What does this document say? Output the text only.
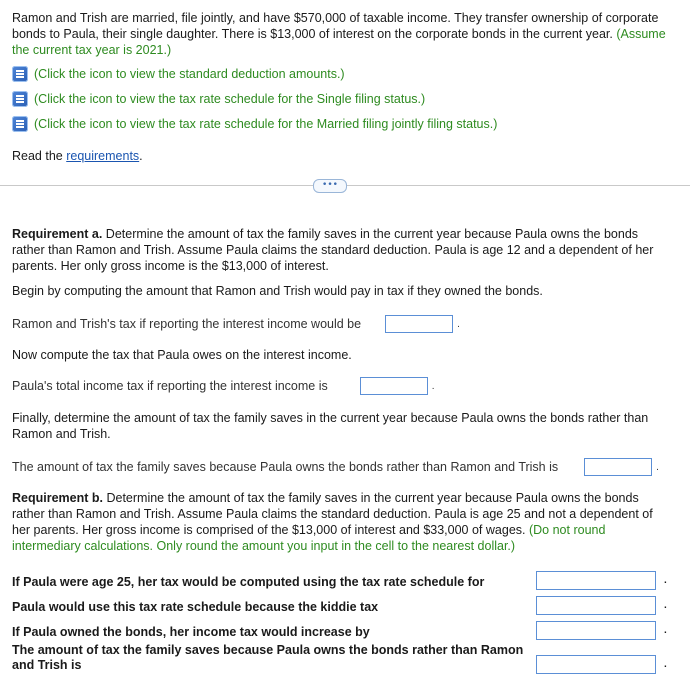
Ramon and Trish are married, file jointly, and have $570,000 of taxable income. They transfer ownership of corporate bonds to Paula, their single daughter. There is $13,000 of interest on the corporate bonds in the current year. (Assume the current tax year is 2021.)

(Click the icon to view the standard deduction amounts.)
(Click the icon to view the tax rate schedule for the Single filing status.)
(Click the icon to view the tax rate schedule for the Married filing jointly filing status.)

Read the requirements.

•••

Requirement a. Determine the amount of tax the family saves in the current year because Paula owns the bonds rather than Ramon and Trish. Assume Paula claims the standard deduction. Paula is age 12 and a dependent of her parents. Her only gross income is the $13,000 of interest.

Begin by computing the amount that Ramon and Trish would pay in tax if they owned the bonds.

Ramon and Trish's tax if reporting the interest income would be	.

Now compute the tax that Paula owes on the interest income.

Paula's total income tax if reporting the interest income is	.

Finally, determine the amount of tax the family saves in the current year because Paula owns the bonds rather than Ramon and Trish.

The amount of tax the family saves because Paula owns the bonds rather than Ramon and Trish is	.

Requirement b. Determine the amount of tax the family saves in the current year because Paula owns the bonds rather than Ramon and Trish. Assume Paula claims the standard deduction. Paula is age 25 and not a dependent of her parents. Her gross income is comprised of the $13,000 of interest and $33,000 of wages. (Do not round intermediary calculations. Only round the amount you input in the cell to the nearest dollar.)

If Paula were age 25, her tax would be computed using the tax rate schedule for	.
Paula would use this tax rate schedule because the kiddie tax	.
If Paula owned the bonds, her income tax would increase by	.
The amount of tax the family saves because Paula owns the bonds rather than Ramon and Trish is	.
